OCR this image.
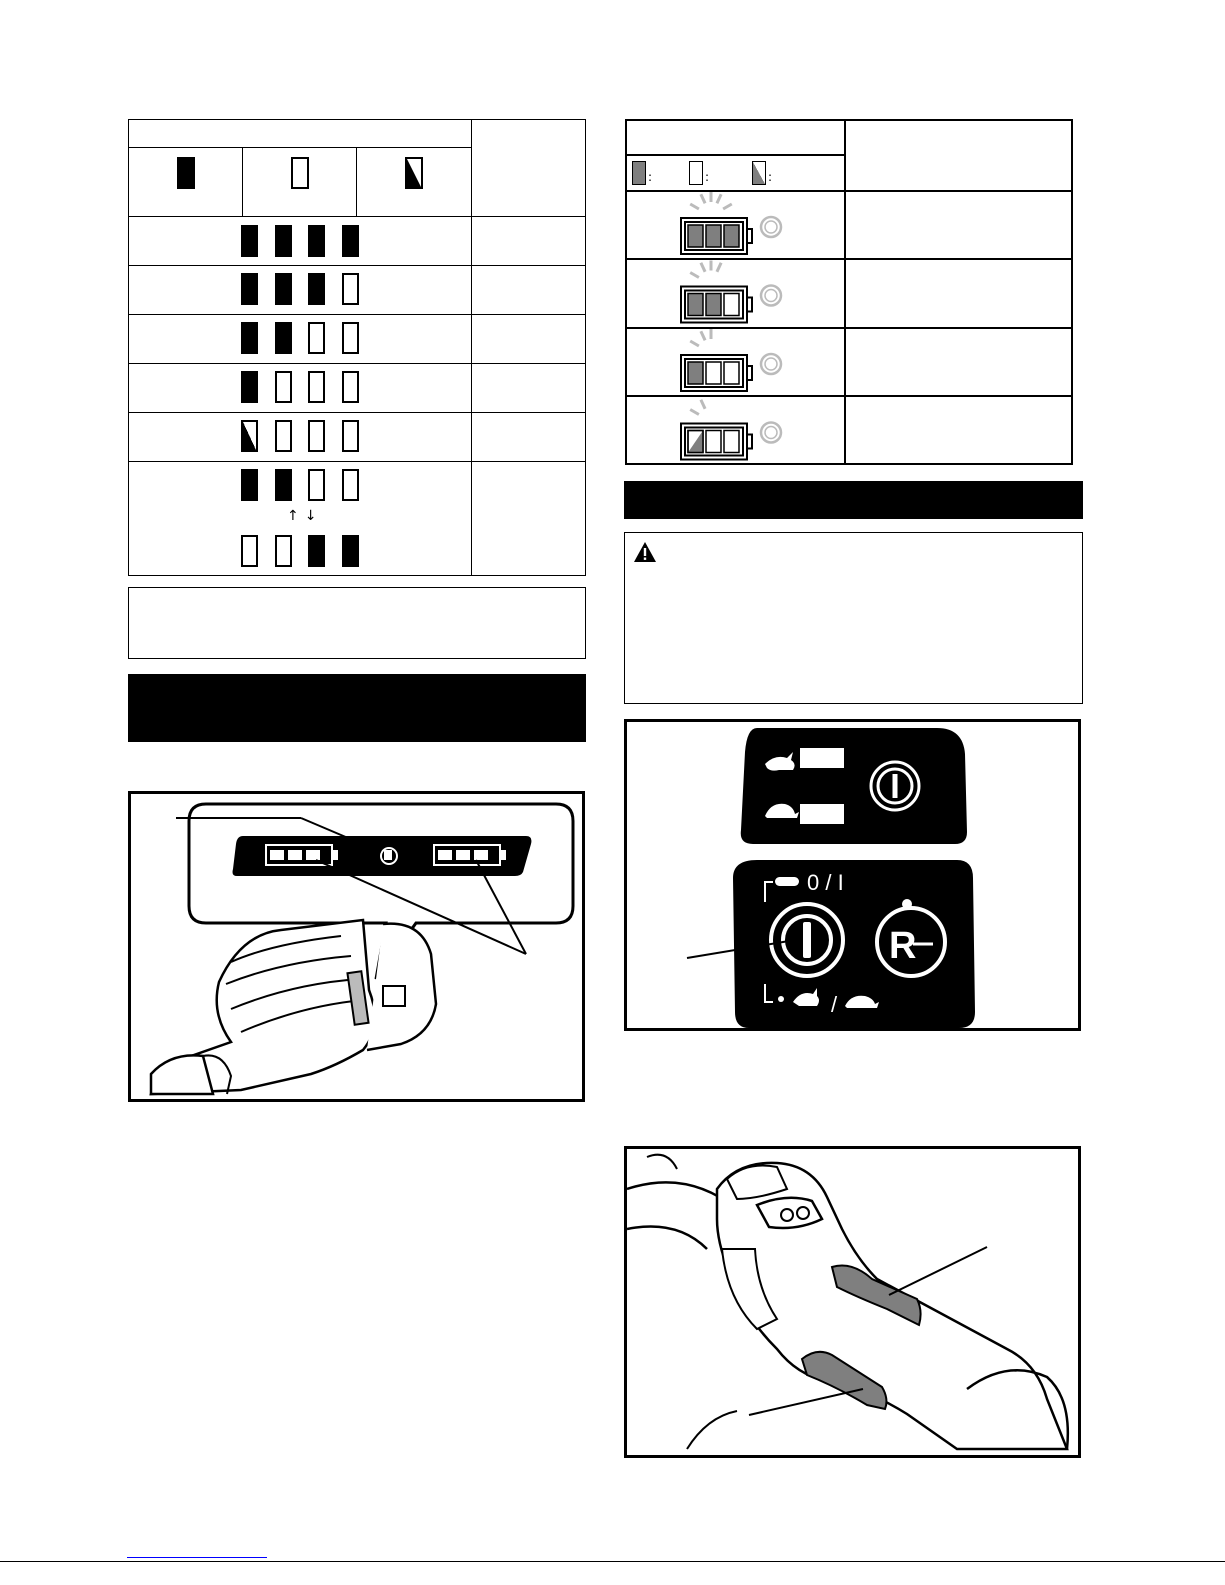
↑↓
:	:	:
0 / I
R
/
